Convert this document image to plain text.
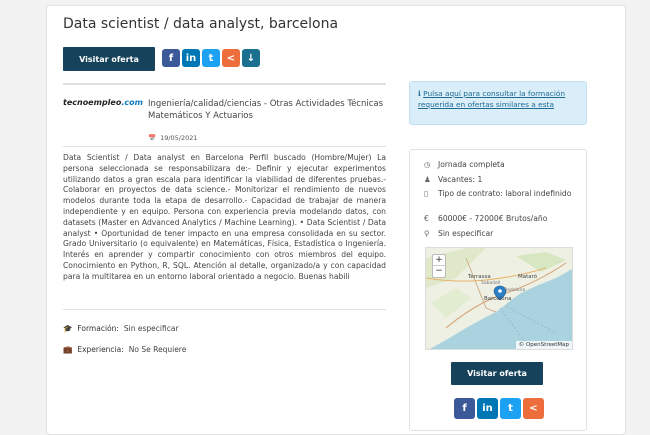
Data scientist / data analyst, barcelona
Visitar oferta	f	in	t	<	↓
tecnoempleo.com Ingeniería/calidad/ciencias - Otras Actividades Técnicas Matemáticos Y Actuarios
📅 19/05/2021
Data Scientist / Data analyst en Barcelona Perfil buscado (Hombre/Mujer) La persona seleccionada se responsabilizara de:- Definir y ejecutar experimentos utilizando datos a gran escala para identificar la viabilidad de diferentes pruebas.- Colaborar en proyectos de data science.- Monitorizar el rendimiento de nuevos modelos durante toda la etapa de desarrollo.- Capacidad de trabajar de manera independiente y en equipo. Persona con experiencia previa modelando datos, con datasets (Master en Advanced Analytics / Machine Learning). • Data Scientist / Data analyst • Oportunidad de tener impacto en una empresa consolidada en su sector. Grado Universitario (o equivalente) en Matemáticas, Física, Estadística o Ingeniería. Interés en aprender y compartir conocimiento con otros miembros del equipo. Conocimiento en Python, R, SQL. Atención al detalle, organizado/a y con capacidad para la multitarea en un entorno laboral orientado a negocio. Buenas habili
🎓 Formación: Sin especificar
💼 Experiencia: No Se Requiere
ℹ Pulsa aquí para consultar la formación requerida en ofertas similares a esta
◷ Jornada completa
♟ Vacantes: 1
▯	Tipo de contrato: laboral indefinido
€	60000€ - 72000€ Brutos/año
⚲	Sin especificar
Terrassa	Mataró
Barcelona
Sabadell
Badalona
+
−
© OpenStreetMap
Visitar oferta
f	in	t	<
